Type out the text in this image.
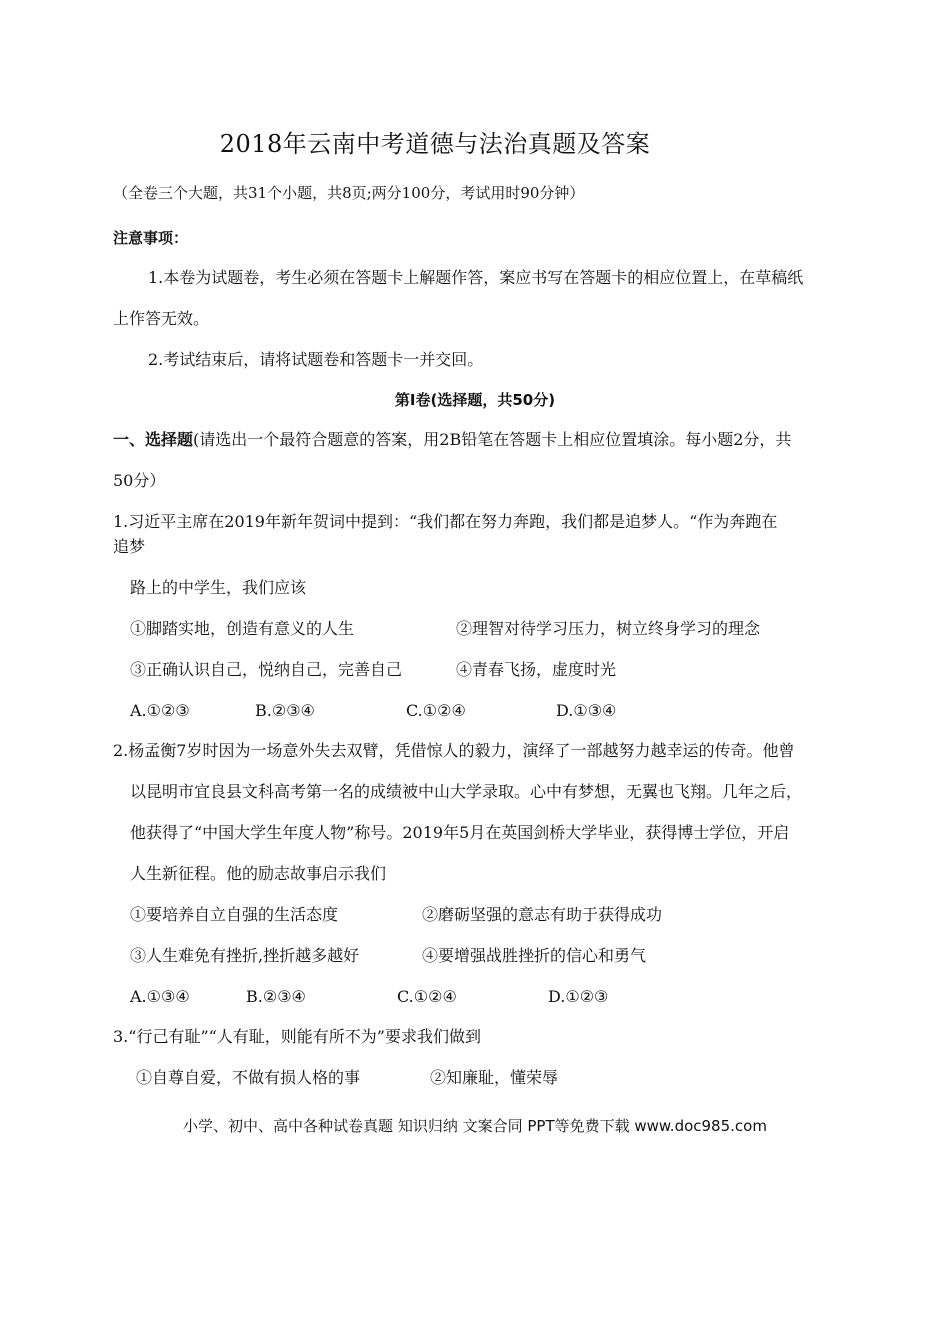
2018年云南中考道德与法治真题及答案
（全卷三个大题，共31个小题，共8页;两分100分，考试用时90分钟）
注意事项：
1.本卷为试题卷，考生必须在答题卡上解题作答，案应书写在答题卡的相应位置上，在草稿纸
上作答无效。
2.考试结束后，请将试题卷和答题卡一并交回。
第Ⅰ卷(选择题，共50分)
一、选择题(请选出一个最符合题意的答案，用2B铅笔在答题卡上相应位置填涂。每小题2分，共
50分）
1.习近平主席在2019年新年贺词中提到：“我们都在努力奔跑，我们都是追梦人。“作为奔跑在
追梦
路上的中学生，我们应该
①脚踏实地，创造有意义的人生	②理智对待学习压力，树立终身学习的理念
③正确认识自己，悦纳自己，完善自己	④青春飞扬，虚度时光
A.①②③	B.②③④	C.①②④	D.①③④
2.杨孟衡7岁时因为一场意外失去双臂，凭借惊人的毅力，演绎了一部越努力越幸运的传奇。他曾
以昆明市宜良县文科高考第一名的成绩被中山大学录取。心中有梦想，无翼也飞翔。几年之后，
他获得了“中国大学生年度人物”称号。2019年5月在英国剑桥大学毕业，获得博士学位，开启
人生新征程。他的励志故事启示我们
①要培养自立自强的生活态度	②磨砺坚强的意志有助于获得成功
③人生难免有挫折,挫折越多越好	④要增强战胜挫折的信心和勇气
A.①③④	B.②③④	C.①②④	D.①②③
3.“行己有耻”“人有耻，则能有所不为”要求我们做到
①自尊自爱，不做有损人格的事	②知廉耻，懂荣辱
小学、初中、高中各种试卷真题 知识归纳 文案合同 PPT等免费下载 www.doc985.com
